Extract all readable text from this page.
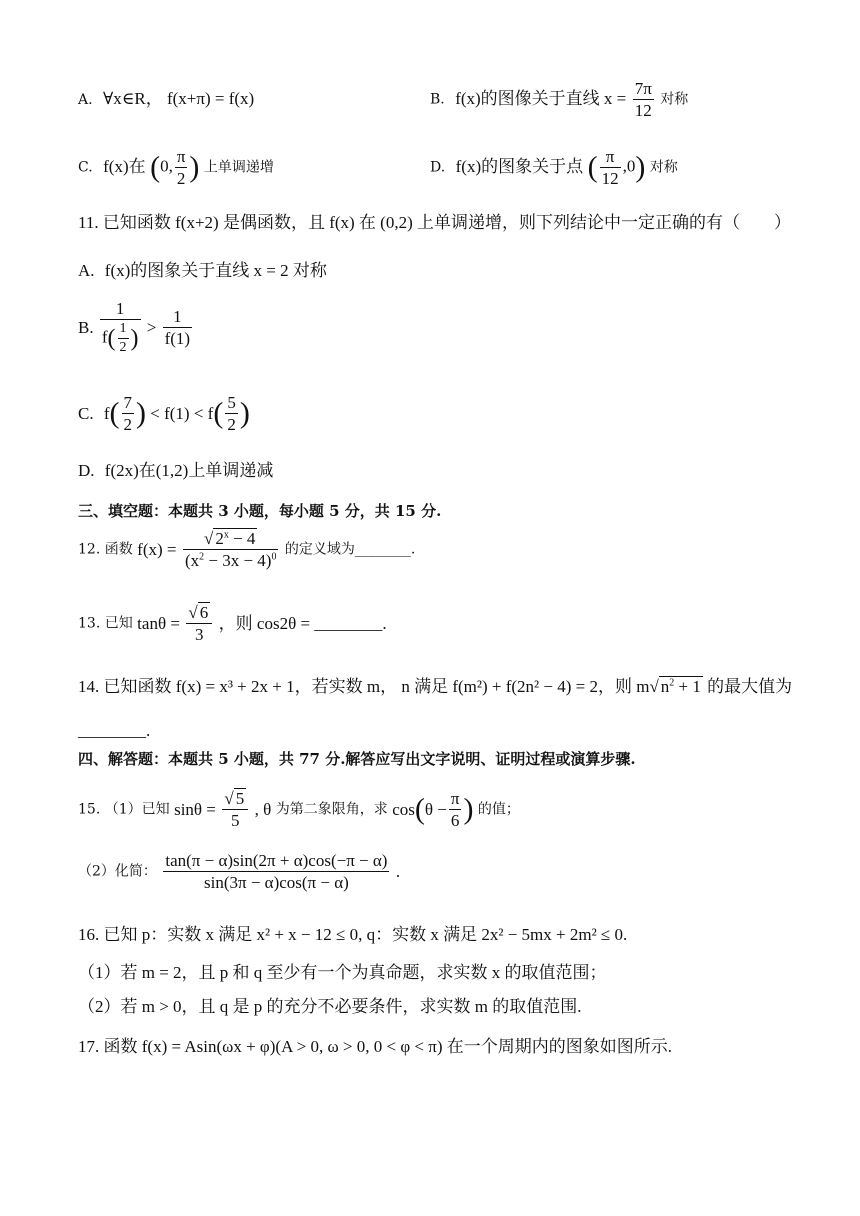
A. ∀x∈R， f(x+π) = f(x)	B. f(x)的图像关于直线 $x = \frac{7\pi}{12}$ 对称
C. f(x)在 (0, $\frac{\pi}{2}$ ) 上单调递增	D. f(x)的图象关于点 ( $\frac{\pi}{12} ,0$) 对称
11. 已知函数 f(x+2) 是偶函数，且 f(x) 在 (0,2) 上单调递增，则下列结论中一定正确的有（　　）
A. f(x)的图象关于直线 x = 2 对称
B. $\frac{1}{f( \frac{1}{2} )} > \frac{1}{f(1)}$
C. $f( \frac{7}{2}$ ) < $f(1) < f( \frac{5}{2}$ )
D. f(2x)在(1,2)上单调递减
三、填空题：本题共 3 小题，每小题 5 分，共 15 分.
12. 函数 $f(x) = \frac{√ 2^x - 4}{(x^2 - 3x - 4)^0}$ 的定义域为________.
13. 已知 $\tan\theta = \frac{√ 6}{3}$ ，则 cos2θ = ________.
14. 已知函数 f(x) = x³ + 2x + 1，若实数 m， n 满足 f(m²) + f(2n² − 4) = 2，则 m√ $n^2 + 1$ 的最大值为
________.
四、解答题：本题共 5 小题，共 77 分.解答应写出文字说明、证明过程或演算步骤.
15. （1）已知 $\sin\theta = \frac{√ 5}{5}$ , θ 为第二象限角，求 $\cos(\theta - \frac{\pi}{6}$ ) 的值；
（2）化简： $\frac{\tan(\pi - \alpha)\sin(2\pi + \alpha)\cos(-\pi - \alpha)}{\sin(3\pi - \alpha)\cos(\pi - \alpha)}$ .
16. 已知 p：实数 x 满足 x² + x − 12 ≤ 0, q：实数 x 满足 2x² − 5mx + 2m² ≤ 0.
（1）若 m = 2，且 p 和 q 至少有一个为真命题，求实数 x 的取值范围；
（2）若 m > 0，且 q 是 p 的充分不必要条件，求实数 m 的取值范围.
17. 函数 f(x) = Asin(ωx + φ)(A > 0, ω > 0, 0 < φ < π) 在一个周期内的图象如图所示.
